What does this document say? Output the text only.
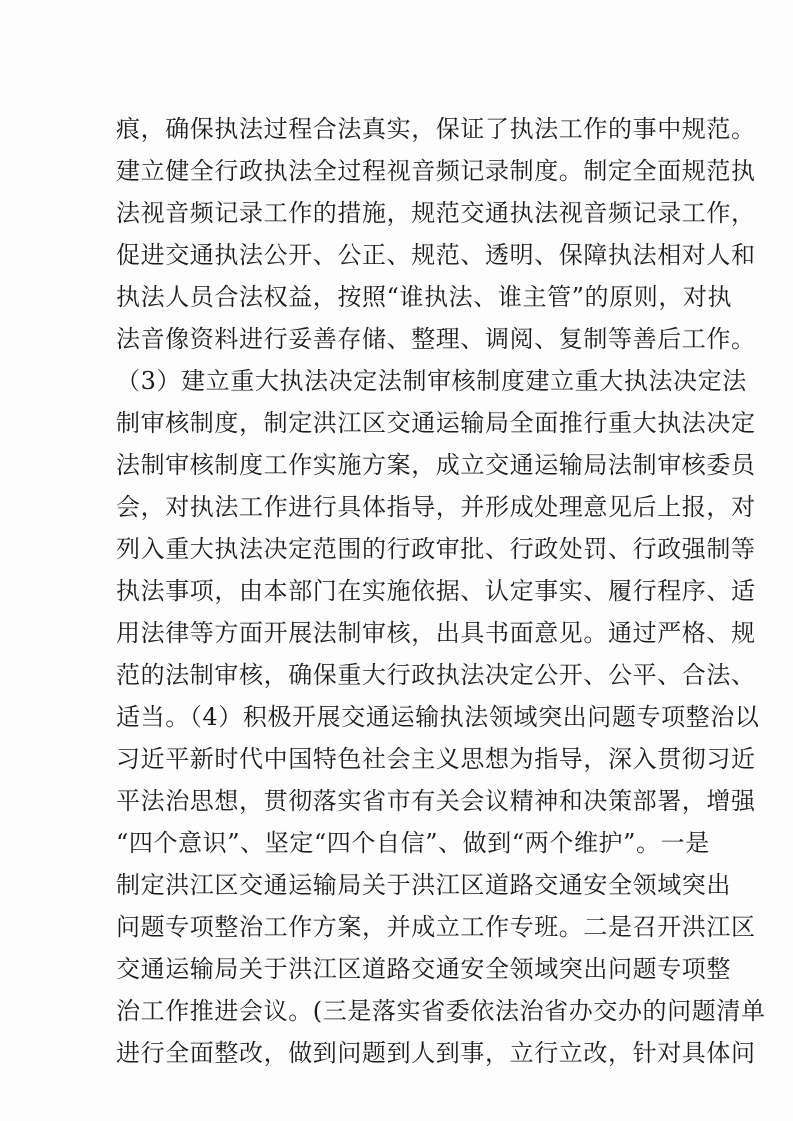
痕，确保执法过程合法真实，保证了执法工作的事中规范。
建立健全行政执法全过程视音频记录制度。制定全面规范执
法视音频记录工作的措施，规范交通执法视音频记录工作，
促进交通执法公开、公正、规范、透明、保障执法相对人和
执法人员合法权益，按照“谁执法、谁主管”的原则，对执
法音像资料进行妥善存储、整理、调阅、复制等善后工作。
（3）建立重大执法决定法制审核制度建立重大执法决定法
制审核制度，制定洪江区交通运输局全面推行重大执法决定
法制审核制度工作实施方案，成立交通运输局法制审核委员
会，对执法工作进行具体指导，并形成处理意见后上报，对
列入重大执法决定范围的行政审批、行政处罚、行政强制等
执法事项，由本部门在实施依据、认定事实、履行程序、适
用法律等方面开展法制审核，出具书面意见。通过严格、规
范的法制审核，确保重大行政执法决定公开、公平、合法、
适当。（4）积极开展交通运输执法领域突出问题专项整治以
习近平新时代中国特色社会主义思想为指导，深入贯彻习近
平法治思想，贯彻落实省市有关会议精神和决策部署，增强
“四个意识”、坚定“四个自信”、做到“两个维护”。一是
制定洪江区交通运输局关于洪江区道路交通安全领域突出
问题专项整治工作方案，并成立工作专班。二是召开洪江区
交通运输局关于洪江区道路交通安全领域突出问题专项整
治工作推进会议。(三是落实省委依法治省办交办的问题清单
进行全面整改，做到问题到人到事，立行立改，针对具体问
